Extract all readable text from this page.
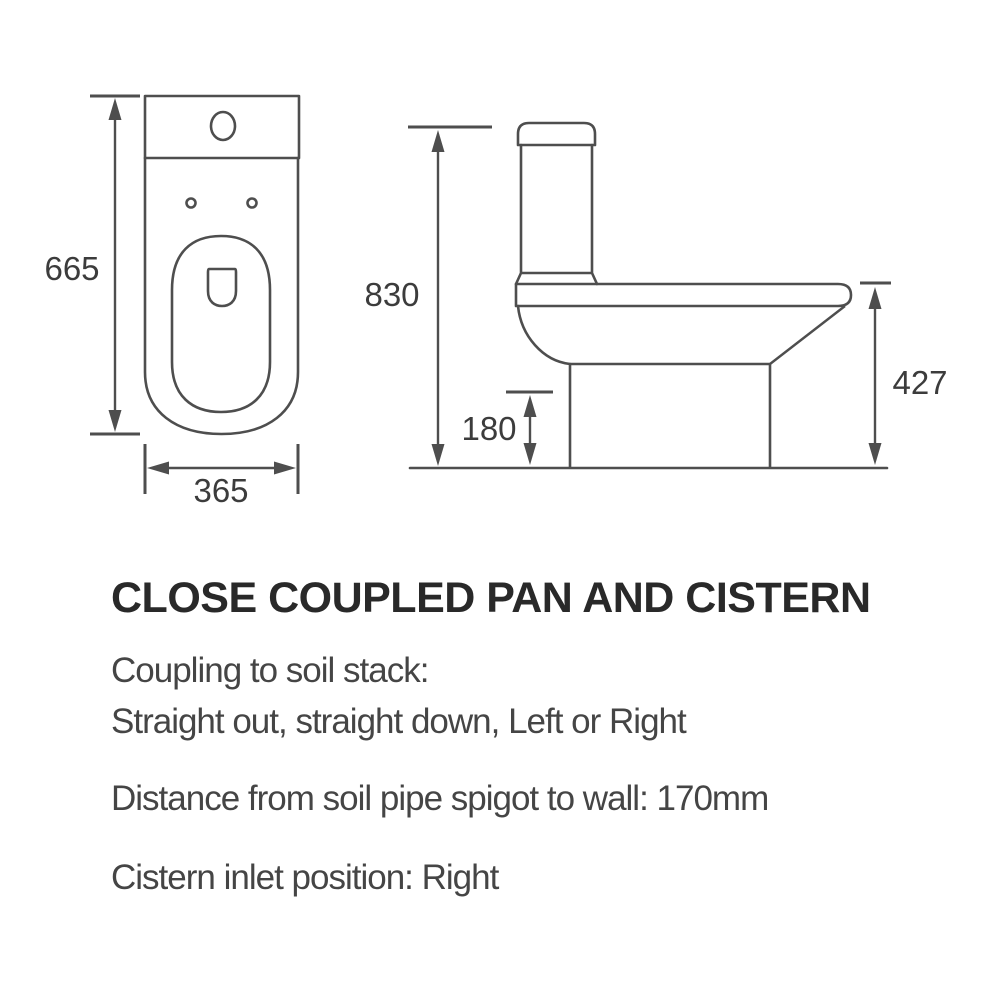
665
365
830
180
427
CLOSE COUPLED PAN AND CISTERN
Coupling to soil stack:
Straight out, straight down, Left or Right
Distance from soil pipe spigot to wall: 170mm
Cistern inlet position: Right
